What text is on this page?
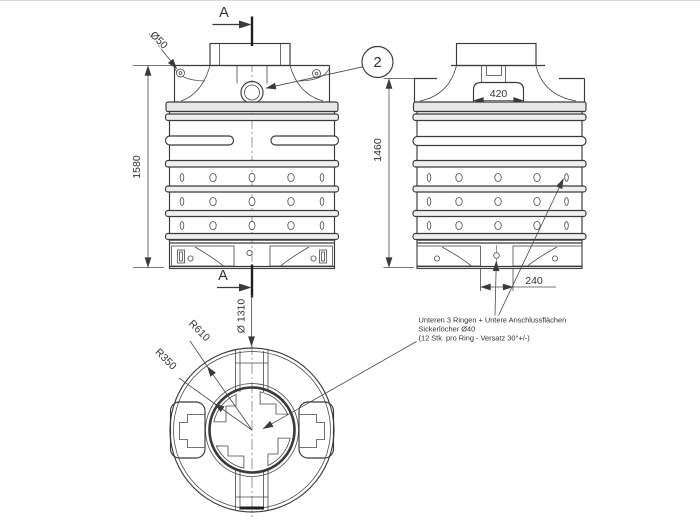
A
A
1580
Ø50
2
Ø 1310
420
1460
240
R610
R350
Unteren 3 Ringen + Untere Anschlussflächen
Sickerlöcher Ø40
(12 Stk. pro Ring - Versatz 30°+/-)
